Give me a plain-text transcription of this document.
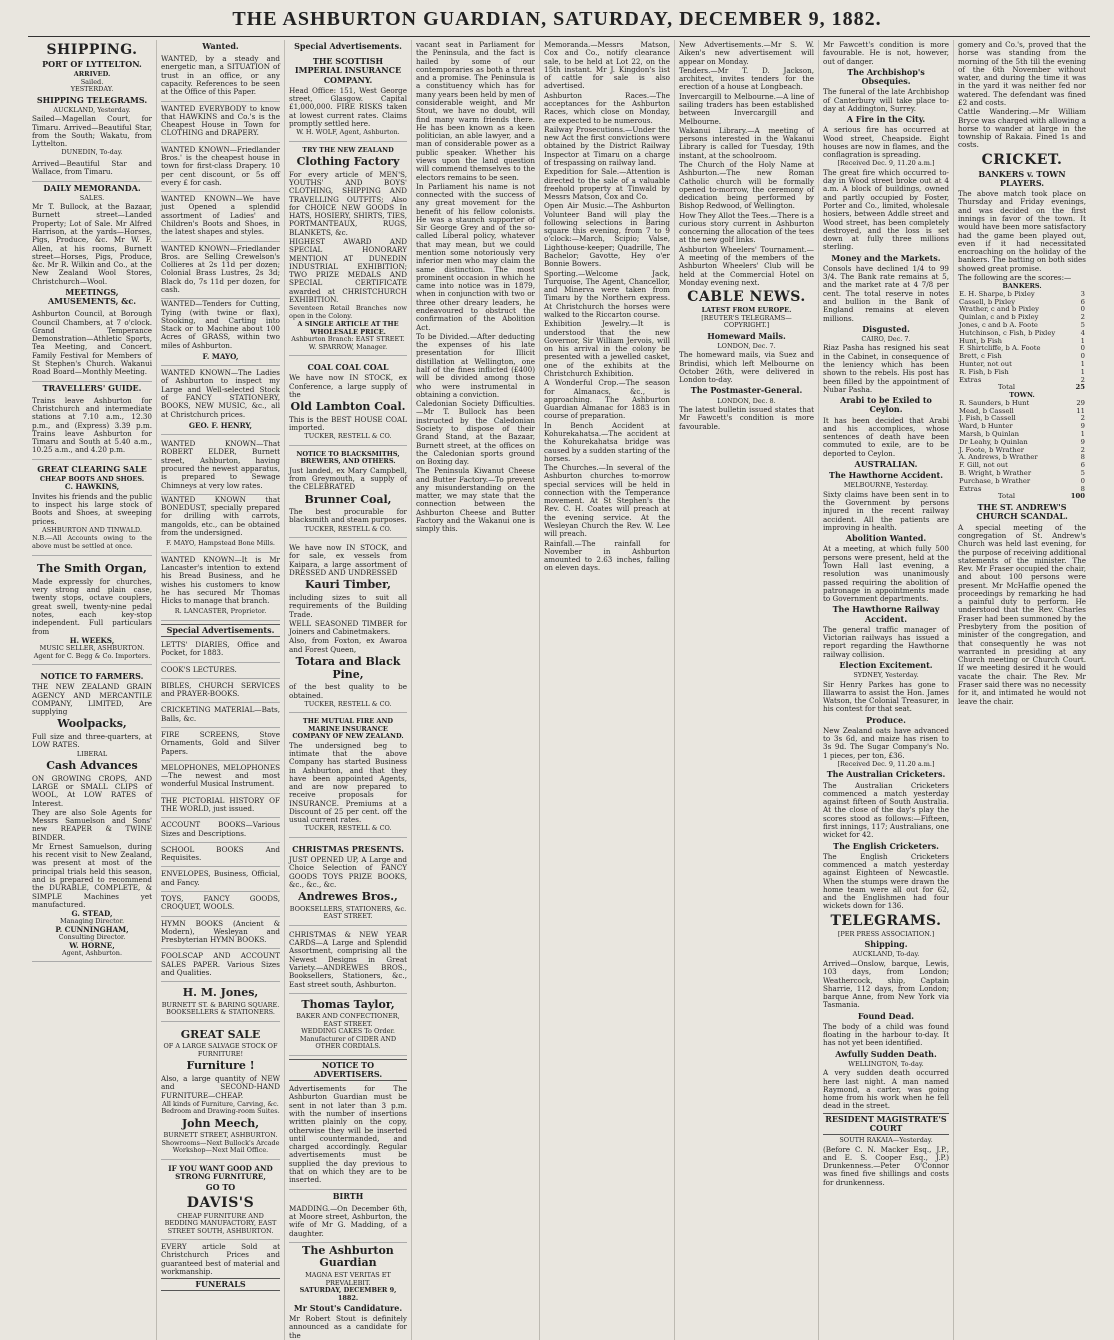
THE ASHBURTON GUARDIAN, SATURDAY, DECEMBER 9, 1882.
SHIPPING.
PORT OF LYTTELTON.
ARRIVED.
Sailed.
YESTERDAY.
SHIPPING TELEGRAMS.
AUCKLAND, Yesterday.

Sailed—Magellan Court, for Timaru. Arrived—Beautiful Star, from the South; Wakatu, from Lyttelton.

DUNEDIN, To-day.

Arrived—Beautiful Star and Wallace, from Timaru.

DAILY MEMORANDA.
SALES.

Mr T. Bullock, at the Bazaar, Burnett street—Landed Property; Lot of Sale. Mr Alfred Harrison, at the yards—Horses, Pigs, Produce, &c. Mr W. F. Allen, at his rooms, Burnett street—Horses, Pigs, Produce, &c. Mr R. Wilkin and Co., at the New Zealand Wool Stores, Christchurch—Wool.

MEETINGS, AMUSEMENTS, &c.

Ashburton Council, at Borough Council Chambers, at 7 o'clock. Grand Temperance Demonstration—Athletic Sports, Tea Meeting, and Concert. Family Festival for Members of St Stephen's Church. Wakanui Road Board—Monthly Meeting.

TRAVELLERS' GUIDE.

Trains leave Ashburton for Christchurch and intermediate stations at 7.10 a.m., 12.30 p.m., and (Express) 3.39 p.m. Trains leave Ashburton for Timaru and South at 5.40 a.m., 10.25 a.m., and 4.20 p.m.

GREAT CLEARING SALE
CHEAP BOOTS AND SHOES.
C. HAWKINS,

Invites his friends and the public to inspect his large stock of Boots and Shoes, at sweeping prices.

ASHBURTON AND TINWALD.

N.B.—All Accounts owing to the above must be settled at once.

The Smith Organ,

Made expressly for churches, very strong and plain case, twenty stops, octave couplers, great swell, twenty-nine pedal notes, each key-stop independent. Full particulars from

H. WEEKS,
MUSIC SELLER, ASHBURTON. Agent for C. Begg & Co. Importers.
NOTICE TO FARMERS.

THE NEW ZEALAND GRAIN AGENCY AND MERCANTILE COMPANY, LIMITED, Are supplying

Woolpacks,

Full size and three-quarters, at LOW RATES.

LIBERAL
Cash Advances

ON GROWING CROPS, AND LARGE or SMALL CLIPS of WOOL, At LOW RATES of Interest.

They are also Sole Agents for Messrs Samuelson and Sons' new REAPER & TWINE BINDER.

Mr Ernest Samuelson, during his recent visit to New Zealand, was present at most of the principal trials held this season, and is prepared to recommend the DURABLE, COMPLETE, & SIMPLE Machines yet manufactured.

G. STEAD,
Managing Director.
P. CUNNINGHAM,
Consulting Director.
W. HORNE,
Agent, Ashburton.
Wanted.

WANTED, by a steady and energetic man, a SITUATION of trust in an office, or any capacity. References to be seen at the Office of this Paper.

WANTED EVERYBODY to know that HAWKINS and Co.'s is the Cheapest House in Town for CLOTHING and DRAPERY.

WANTED KNOWN—Friedlander Bros.' is the cheapest house in town for first-class Drapery. 10 per cent discount, or 5s off every £ for cash.

WANTED KNOWN—We have just Opened a splendid assortment of Ladies' and Children's Boots and Shoes, in the latest shapes and styles.

WANTED KNOWN—Friedlander Bros. are Selling Crewelson's Collieres at 2s 11d per dozen; Colonial Brass Lustres, 2s 3d; Black do, 7s 11d per dozen, for cash.

WANTED—Tenders for Cutting, Tying (with twine or flax), Stooking, and Carting into Stack or to Machine about 100 Acres of GRASS, within two miles of Ashburton.

F. MAYO,

WANTED KNOWN—The Ladies of Ashburton to inspect my Large and Well-selected Stock of FANCY STATIONERY, BOOKS, NEW MUSIC, &c., all at Christchurch prices.

GEO. F. HENRY,

WANTED KNOWN—That ROBERT ELDER, Burnett street, Ashburton, having procured the newest apparatus, is prepared to Sewage Chimneys at very low rates.

WANTED KNOWN that BONEDUST, specially prepared for drilling with carrots, mangolds, etc., can be obtained from the undersigned.

F. MAYO, Hampstead Bone Mills.

WANTED KNOWN—It is Mr Lancaster's intention to extend his Bread Business, and he wishes his customers to know he has secured Mr Thomas Hicks to manage that branch.

R. LANCASTER, Proprietor.
Special Advertisements.

LETTS' DIARIES, Office and Pocket, for 1883.

COOK'S LECTURES.

BIBLES, CHURCH SERVICES and PRAYER-BOOKS.

CRICKETING MATERIAL—Bats, Balls, &c.

FIRE SCREENS, Stove Ornaments, Gold and Silver Papers.

MELOPHONES, MELOPHONES—The newest and most wonderful Musical Instrument.

THE PICTORIAL HISTORY OF THE WORLD, just issued.

ACCOUNT BOOKS—Various Sizes and Descriptions.

SCHOOL BOOKS And Requisites.

ENVELOPES, Business, Official, and Fancy.

TOYS, FANCY GOODS, CROQUET, WOOLS.

HYMN BOOKS (Ancient & Modern), Wesleyan and Presbyterian HYMN BOOKS.

FOOLSCAP AND ACCOUNT SALES PAPER. Various Sizes and Qualities.

H. M. Jones,
BURNETT ST. & BARING SQUARE. BOOKSELLERS & STATIONERS.
GREAT SALE
OF A LARGE SALVAGE STOCK OF FURNITURE!
Furniture !

Also, a large quantity of NEW and SECOND-HAND FURNITURE—CHEAP.

All kinds of Furniture, Carving, &c.
Bedroom and Drawing-room Suites.
John Meech,
BURNETT STREET, ASHBURTON.
Showrooms—Next Bullock's Arcade Workshop—Next Mail Office.
IF YOU WANT GOOD AND STRONG FURNITURE,
GO TO
DAVIS'S
CHEAP FURNITURE AND BEDDING MANUFACTORY, EAST STREET SOUTH, ASHBURTON.

EVERY article Sold at Christchurch Prices and guaranteed best of material and workmanship.

FUNERALS
Special Advertisements.
THE SCOTTISH IMPERIAL INSURANCE COMPANY.

Head Office: 151, West George street, Glasgow. Capital £1,000,000. FIRE RISKS taken at lowest current rates. Claims promptly settled here.

W. H. WOLF, Agent, Ashburton.
TRY THE NEW ZEALAND
Clothing Factory

For every article of MEN'S, YOUTHS' AND BOYS' CLOTHING, SHIPPING AND TRAVELLING OUTFITS; Also for CHOICE NEW GOODS In HATS, HOSIERY, SHIRTS, TIES, PORTMANTEAUX, RUGS, BLANKETS, &c.

HIGHEST AWARD AND SPECIAL HONORARY MENTION AT DUNEDIN INDUSTRIAL EXHIBITION; TWO PRIZE MEDALS AND SPECIAL CERTIFICATE awarded at CHRISTCHURCH EXHIBITION.

Seventeen Retail Branches now open in the Colony.

A SINGLE ARTICLE AT THE WHOLESALE PRICE.
Ashburton Branch: EAST STREET.
W. SPARROW, Manager.
COAL COAL COAL

We have now IN STOCK, ex Conference, a large supply of the

Old Lambton Coal.

This is the BEST HOUSE COAL imported.

TUCKER, RESTELL & CO.
NOTICE TO BLACKSMITHS, BREWERS, AND OTHERS.

Just landed, ex Mary Campbell, from Greymouth, a supply of the CELEBRATED

Brunner Coal,

The best procurable for blacksmith and steam purposes.

TUCKER, RESTELL & CO.

We have now IN STOCK, and for sale, ex vessels from Kaipara, a large assortment of DRESSED AND UNDRESSED

Kauri Timber,

including sizes to suit all requirements of the Building Trade.

WELL SEASONED TIMBER for Joiners and Cabinetmakers.

Also, from Foxton, ex Awaroa and Forest Queen,

Totara and Black Pine,

of the best quality to be obtained.

TUCKER, RESTELL & CO.
THE MUTUAL FIRE AND MARINE INSURANCE COMPANY OF NEW ZEALAND.

The undersigned beg to intimate that the above Company has started Business in Ashburton, and that they have been appointed Agents, and are now prepared to receive proposals for INSURANCE. Premiums at a Discount of 25 per cent. off the usual current rates.

TUCKER, RESTELL & CO.
CHRISTMAS PRESENTS.

JUST OPENED UP, A Large and Choice Selection of FANCY GOODS TOYS PRIZE BOOKS, &c., &c., &c.

Andrewes Bros.,
BOOKSELLERS, STATIONERS, &c. EAST STREET.

CHRISTMAS & NEW YEAR CARDS—A Large and Splendid Assortment, comprising all the Newest Designs in Great Variety.—ANDREWES BROS., Booksellers, Stationers, &c., East street south, Ashburton.

Thomas Taylor,
BAKER AND CONFECTIONER, EAST STREET.
WEDDING CAKES To Order.
Manufacturer of CIDER AND OTHER CORDIALS.
NOTICE TO ADVERTISERS.

Advertisements for The Ashburton Guardian must be sent in not later than 3 p.m. with the number of insertions written plainly on the copy, otherwise they will be inserted until countermanded, and charged accordingly. Regular advertisements must be supplied the day previous to that on which they are to be inserted.

BIRTH

MADDING.—On December 6th, at Moore street, Ashburton, the wife of Mr G. Madding, of a daughter.

The Ashburton Guardian
MAGNA EST VERITAS ET PREVALEBIT.
SATURDAY, DECEMBER 9, 1882.
Mr Stout's Candidature.

Mr Robert Stout is definitely announced as a candidate for the

vacant seat in Parliament for the Peninsula, and the fact is hailed by some of our contemporaries as both a threat and a promise. The Peninsula is a constituency which has for many years been held by men of considerable weight, and Mr Stout, we have no doubt, will find many warm friends there. He has been known as a keen politician, an able lawyer, and a man of considerable power as a public speaker. Whether his views upon the land question will commend themselves to the electors remains to be seen.

In Parliament his name is not connected with the success of any great movement for the benefit of his fellow colonists. He was a staunch supporter of Sir George Grey and of the so-called Liberal policy, whatever that may mean, but we could mention some notoriously very inferior men who may claim the same distinction. The most prominent occasion in which he came into notice was in 1879, when in conjunction with two or three other dreary leaders, he endeavoured to obstruct the confirmation of the Abolition Act.

To be Divided.—After deducting the expenses of his late presentation for Illicit distillation at Wellington, one half of the fines inflicted (£400) will be divided among those who were instrumental in obtaining a conviction.

Caledonian Society Difficulties.—Mr T. Bullock has been instructed by the Caledonian Society to dispose of their Grand Stand, at the Bazaar, Burnett street, at the offices on the Caledonian sports ground on Boxing day.

The Peninsula Kiwanut Cheese and Butter Factory.—To prevent any misunderstanding on the matter, we may state that the connection between the Ashburton Cheese and Butter Factory and the Wakanui one is simply this.

Memoranda.—Messrs Matson, Cox and Co., notify clearance sale, to be held at Lot 22, on the 15th instant. Mr J. Kingdon's list of cattle for sale is also advertised.

Ashburton Races.—The acceptances for the Ashburton Races, which close on Monday, are expected to be numerous.

Railway Prosecutions.—Under the new Act the first convictions were obtained by the District Railway Inspector at Timaru on a charge of trespassing on railway land.

Expedition for Sale.—Attention is directed to the sale of a valuable freehold property at Tinwald by Messrs Matson, Cox and Co.

Open Air Music.—The Ashburton Volunteer Band will play the following selections in Baring square this evening, from 7 to 9 o'clock:—March, Scipio; Valse, Lighthouse-keeper; Quadrille, The Bachelor; Gavotte, Hey o'er Bonnie Bowers.

Sporting.—Welcome Jack, Turquoise, The Agent, Chancellor, and Minerva were taken from Timaru by the Northern express. At Christchurch the horses were walked to the Riccarton course.

Exhibition Jewelry.—It is understood that the new Governor, Sir William Jervois, will on his arrival in the colony be presented with a jewelled casket, one of the exhibits at the Christchurch Exhibition.

A Wonderful Crop.—The season for Almanacs, &c., is approaching. The Ashburton Guardian Almanac for 1883 is in course of preparation.

In Bench Accident at Kohurekahatsa.—The accident at the Kohurekahatsa bridge was caused by a sudden starting of the horses.

The Churches.—In several of the Ashburton churches to-morrow special services will be held in connection with the Temperance movement. At St Stephen's the Rev. C. H. Coates will preach at the evening service. At the Wesleyan Church the Rev. W. Lee will preach.

Rainfall.—The rainfall for November in Ashburton amounted to 2.63 inches, falling on eleven days.

New Advertisements.—Mr S. W. Aiken's new advertisement will appear on Monday.

Tenders.—Mr T. D. Jackson, architect, invites tenders for the erection of a house at Longbeach.

Invercargill to Melbourne.—A line of sailing traders has been established between Invercargill and Melbourne.

Wakanui Library.—A meeting of persons interested in the Wakanui Library is called for Tuesday, 19th instant, at the schoolroom.

The Church of the Holy Name at Ashburton.—The new Roman Catholic church will be formally opened to-morrow, the ceremony of dedication being performed by Bishop Redwood, of Wellington.

How They Allot the Tees.—There is a curious story current in Ashburton concerning the allocation of the tees at the new golf links.

Ashburton Wheelers' Tournament.—A meeting of the members of the Ashburton Wheelers' Club will be held at the Commercial Hotel on Monday evening next.

CABLE NEWS.
LATEST FROM EUROPE.
[REUTER'S TELEGRAMS—COPYRIGHT.]
Homeward Mails.
LONDON, Dec. 7.

The homeward mails, via Suez and Brindisi, which left Melbourne on October 26th, were delivered in London to-day.

The Postmaster-General.
LONDON, Dec. 8.

The latest bulletin issued states that Mr Fawcett's condition is more favourable.

Mr Fawcett's condition is more favourable. He is not, however, out of danger.

The Archbishop's Obsequies.

The funeral of the late Archbishop of Canterbury will take place to-day at Addington, Surrey.

A Fire in the City.

A serious fire has occurred at Wood street, Cheapside. Eight houses are now in flames, and the conflagration is spreading.

[Received Dec. 9, 11.20 a.m.]

The great fire which occurred to-day in Wood street broke out at 4 a.m. A block of buildings, owned and partly occupied by Foster, Porter and Co., limited, wholesale hosiers, between Addle street and Wood street, has been completely destroyed, and the loss is set down at fully three millions sterling.

Money and the Markets.

Consols have declined 1/4 to 99 3/4. The Bank rate remains at 5, and the market rate at 4 7/8 per cent. The total reserve in notes and bullion in the Bank of England remains at eleven millions.

Disgusted.
CAIRO, Dec. 7.

Riaz Pasha has resigned his seat in the Cabinet, in consequence of the leniency which has been shown to the rebels. His post has been filled by the appointment of Nubar Pasha.

Arabi to be Exiled to Ceylon.

It has been decided that Arabi and his accomplices, whose sentences of death have been commuted to exile, are to be deported to Ceylon.

AUSTRALIAN.
The Hawthorne Accident.
MELBOURNE, Yesterday.

Sixty claims have been sent in to the Government by persons injured in the recent railway accident. All the patients are improving in health.

Abolition Wanted.

At a meeting, at which fully 500 persons were present, held at the Town Hall last evening, a resolution was unanimously passed requiring the abolition of patronage in appointments made to Government departments.

The Hawthorne Railway Accident.

The general traffic manager of Victorian railways has issued a report regarding the Hawthorne railway collision.

Election Excitement.
SYDNEY, Yesterday.

Sir Henry Parkes has gone to Illawarra to assist the Hon. James Watson, the Colonial Treasurer, in his contest for that seat.

Produce.

New Zealand oats have advanced to 3s 6d, and maize has risen to 3s 9d. The Sugar Company's No. 1 pieces, per ton, £36.

[Received Dec. 9, 11.20 a.m.]
The Australian Cricketers.

The Australian Cricketers commenced a match yesterday against fifteen of South Australia. At the close of the day's play the scores stood as follows:—Fifteen, first innings, 117; Australians, one wicket for 42.

The English Cricketers.

The English Cricketers commenced a match yesterday against Eighteen of Newcastle. When the stumps were drawn the home team were all out for 62, and the Englishmen had four wickets down for 136.

TELEGRAMS.
[PER PRESS ASSOCIATION.]
Shipping.
AUCKLAND, To-day.

Arrived—Onslow, barque, Lewis, 103 days, from London; Weathercock, ship, Captain Sharrie, 112 days, from London; barque Anne, from New York via Tasmania.

Found Dead.

The body of a child was found floating in the harbour to-day. It has not yet been identified.

Awfully Sudden Death.
WELLINGTON, To-day.

A very sudden death occurred here last night. A man named Raymond, a carter, was going home from his work when he fell dead in the street.

RESIDENT MAGISTRATE'S COURT
SOUTH RAKAIA—Yesterday.

(Before C. N. Macker Esq., J.P., and E. S. Cooper Esq., J.P.) Drunkenness.—Peter O'Connor was fined five shillings and costs for drunkenness.

gomery and Co.'s, proved that the horse was standing from the morning of the 5th till the evening of the 6th November without water, and during the time it was in the yard it was neither fed nor watered. The defendant was fined £2 and costs.

Cattle Wandering.—Mr William Bryce was charged with allowing a horse to wander at large in the township of Rakaia. Fined 1s and costs.

CRICKET.
BANKERS v. TOWN PLAYERS.

The above match took place on Thursday and Friday evenings, and was decided on the first innings in favor of the town. It would have been more satisfactory had the game been played out, even if it had necessitated encroaching on the holiday of the bankers. The batting on both sides showed great promise.

The following are the scores:—

BANKERS.
E. H. Sharpe, b Pixley	3
Cassell, b Pixley	6
Wrather, c and b Pixley	0
Quinlan, c and b Pixley	2
Jones, c and b A. Foote	5
Hutchinson, c Fish, b Pixley	4
Hunt, b Fish	1
F. Shirtcliffe, b A. Foote	0
Brett, c Fish	0
Hunter, not out	1
R. Fish, b Fish	1
Extras	2
Total	25
TOWN.
R. Saunders, b Hunt	29
Mead, b Cassell	11
J. Fish, b Cassell	2
Ward, b Hunter	9
Marsh, b Quinlan	1
Dr Leahy, b Quinlan	9
J. Foote, b Wrather	2
A. Andrews, b Wrather	8
F. Gill, not out	6
B. Wright, b Wrather	5
Purchase, b Wrather	0
Extras	8
Total	100
THE ST. ANDREW'S CHURCH SCANDAL.

A special meeting of the congregation of St. Andrew's Church was held last evening, for the purpose of receiving additional statements of the minister. The Rev. Mr Fraser occupied the chair, and about 100 persons were present. Mr McHaffie opened the proceedings by remarking he had a painful duty to perform. He understood that the Rev. Charles Fraser had been summoned by the Presbytery from the position of minister of the congregation, and that consequently he was not warranted in presiding at any Church meeting or Church Court. If we meeting desired it he would vacate the chair. The Rev. Mr Fraser said there was no necessity for it, and intimated he would not leave the chair.
